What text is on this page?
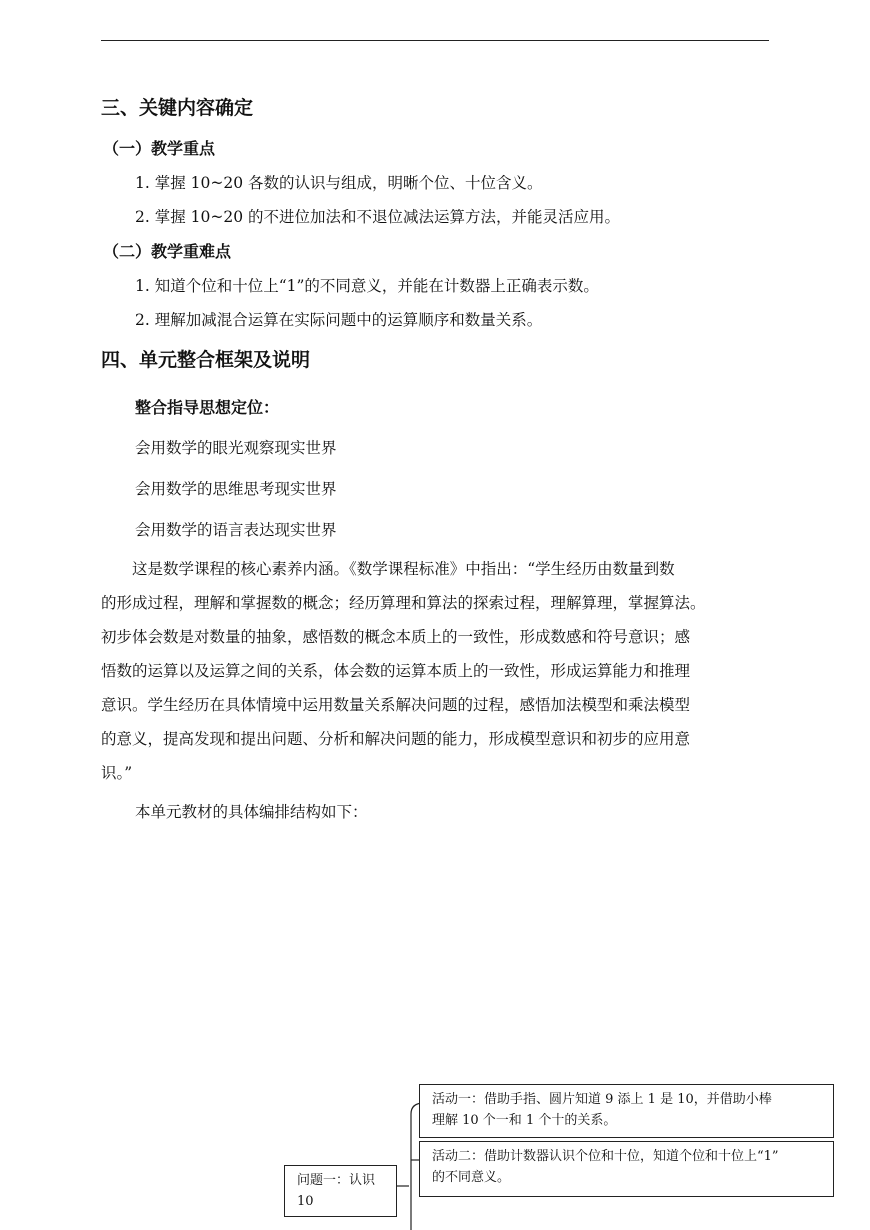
三、关键内容确定
（一）教学重点
1. 掌握 10~20 各数的认识与组成，明晰个位、十位含义。
2. 掌握 10~20 的不进位加法和不退位减法运算方法，并能灵活应用。
（二）教学重难点
1. 知道个位和十位上“1”的不同意义，并能在计数器上正确表示数。
2. 理解加减混合运算在实际问题中的运算顺序和数量关系。
四、单元整合框架及说明
整合指导思想定位：
会用数学的眼光观察现实世界
会用数学的思维思考现实世界
会用数学的语言表达现实世界
　　这是数学课程的核心素养内涵。《数学课程标准》中指出：“学生经历由数量到数
的形成过程，理解和掌握数的概念；经历算理和算法的探索过程，理解算理，掌握算法。
初步体会数是对数量的抽象，感悟数的概念本质上的一致性，形成数感和符号意识；感
悟数的运算以及运算之间的关系，体会数的运算本质上的一致性，形成运算能力和推理
意识。学生经历在具体情境中运用数量关系解决问题的过程，感悟加法模型和乘法模型
的意义，提高发现和提出问题、分析和解决问题的能力，形成模型意识和初步的应用意
识。”
本单元教材的具体编排结构如下：
问题一：认识
10
活动一：借助手指、圆片知道 9 添上 1 是 10，并借助小棒
理解 10 个一和 1 个十的关系。
活动二：借助计数器认识个位和十位，知道个位和十位上“1”
的不同意义。
